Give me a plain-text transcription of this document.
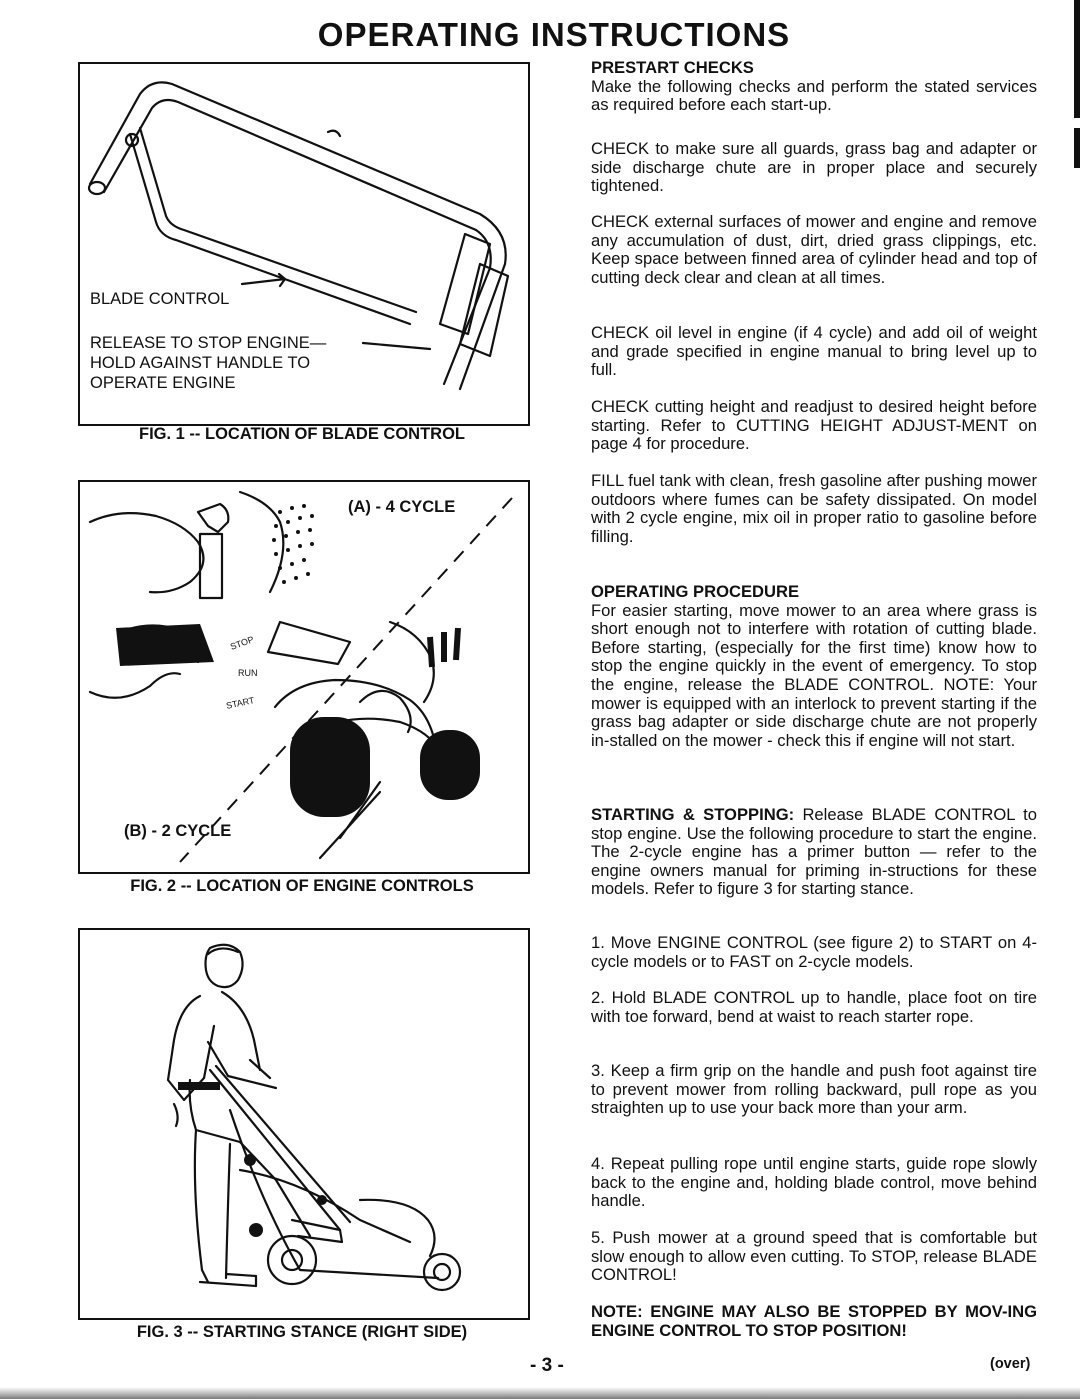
OPERATING INSTRUCTIONS
BLADE CONTROL
RELEASE TO STOP ENGINE—
HOLD AGAINST HANDLE TO
OPERATE ENGINE
FIG. 1 -- LOCATION OF BLADE CONTROL
(A) - 4 CYCLE
(B) - 2 CYCLE
STOP
RUN
START
FIG. 2 -- LOCATION OF ENGINE CONTROLS
FIG. 3 -- STARTING STANCE (RIGHT SIDE)

PRESTART CHECKS

Make the following checks and perform the stated services as required before each start-up.

CHECK to make sure all guards, grass bag and adapter or side discharge chute are in proper place and securely tightened.

CHECK external surfaces of mower and engine and remove any accumulation of dust, dirt, dried grass clippings, etc. Keep space between finned area of cylinder head and top of cutting deck clear and clean at all times.

CHECK oil level in engine (if 4 cycle) and add oil of weight and grade specified in engine manual to bring level up to full.

CHECK cutting height and readjust to desired height before starting. Refer to CUTTING HEIGHT ADJUST-MENT on page 4 for procedure.

FILL fuel tank with clean, fresh gasoline after pushing mower outdoors where fumes can be safety dissipated. On model with 2 cycle engine, mix oil in proper ratio to gasoline before filling.

OPERATING PROCEDURE

For easier starting, move mower to an area where grass is short enough not to interfere with rotation of cutting blade. Before starting, (especially for the first time) know how to stop the engine quickly in the event of emergency. To stop the engine, release the BLADE CONTROL. NOTE: Your mower is equipped with an interlock to prevent starting if the grass bag adapter or side discharge chute are not properly in-stalled on the mower - check this if engine will not start.

STARTING & STOPPING: Release BLADE CONTROL to stop engine. Use the following procedure to start the engine. The 2-cycle engine has a primer button — refer to the engine owners manual for priming in-structions for these models. Refer to figure 3 for starting stance.

1. Move ENGINE CONTROL (see figure 2) to START on 4-cycle models or to FAST on 2-cycle models.

2. Hold BLADE CONTROL up to handle, place foot on tire with toe forward, bend at waist to reach starter rope.

3. Keep a firm grip on the handle and push foot against tire to prevent mower from rolling backward, pull rope as you straighten up to use your back more than your arm.

4. Repeat pulling rope until engine starts, guide rope slowly back to the engine and, holding blade control, move behind handle.

5. Push mower at a ground speed that is comfortable but slow enough to allow even cutting. To STOP, release BLADE CONTROL!

NOTE: ENGINE MAY ALSO BE STOPPED BY MOV-ING ENGINE CONTROL TO STOP POSITION!

- 3 -	(over)
